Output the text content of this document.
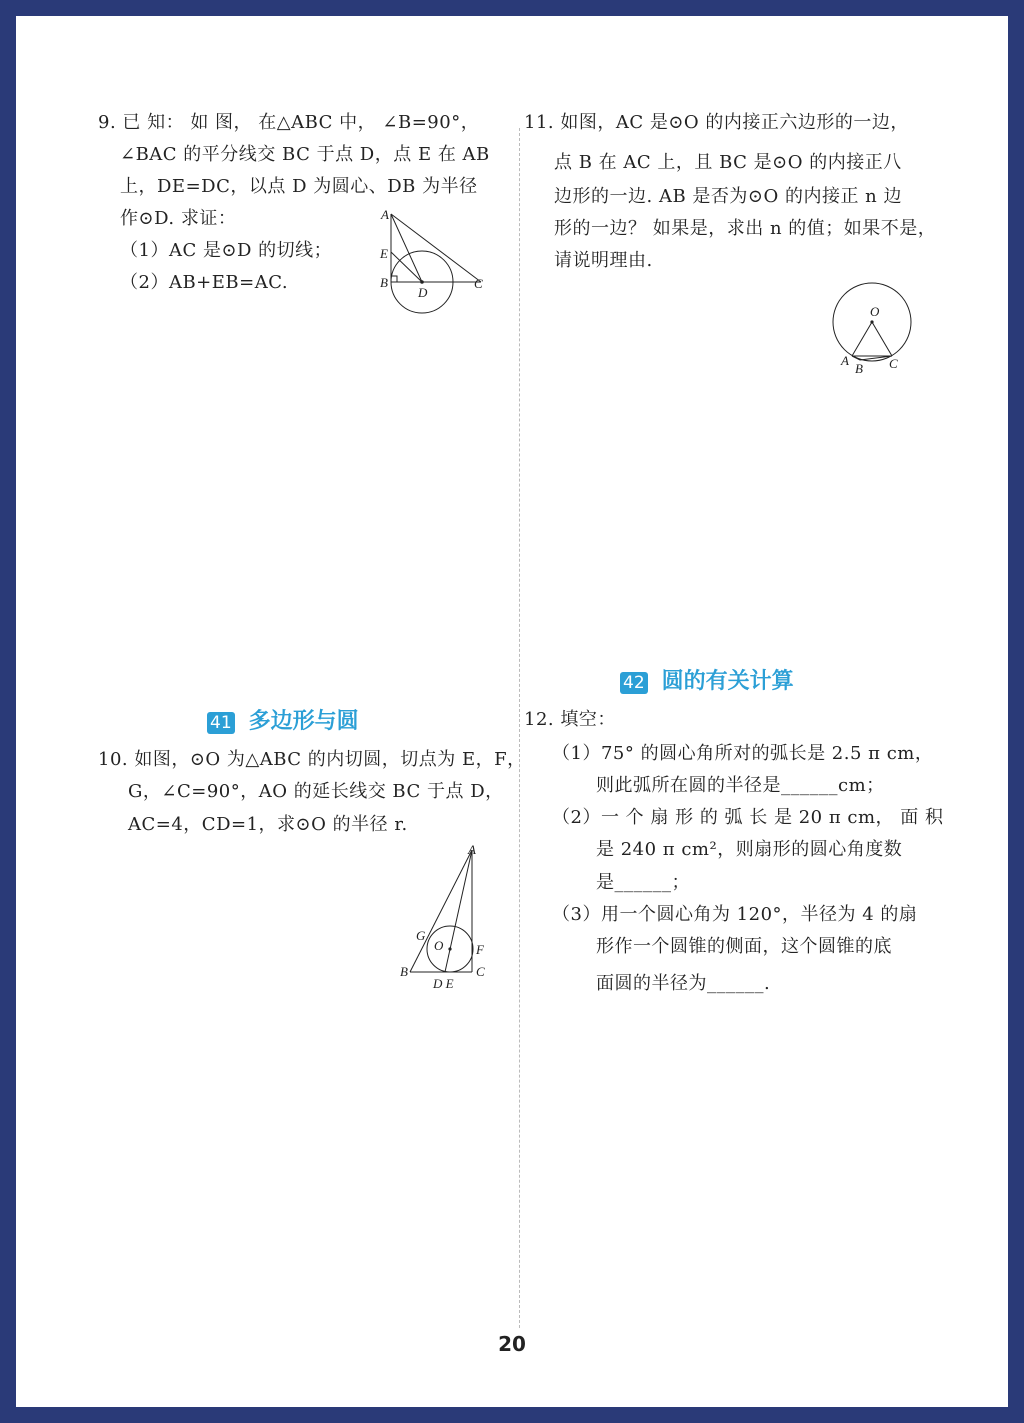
9. 已 知： 如 图， 在△ABC 中， ∠B=90°，
∠BAC 的平分线交 BC 于点 D，点 E 在 AB
上，DE=DC，以点 D 为圆心、DB 为半径
作⊙D. 求证：
（1）AC 是⊙D 的切线；
（2）AB+EB=AC.
A
E
B
D
C
11. 如图，AC 是⊙O 的内接正六边形的一边，
点 B 在 AC 上，且 BC 是⊙O 的内接正八
边形的一边. AB 是否为⊙O 的内接正 n 边
形的一边？ 如果是，求出 n 的值；如果不是，
请说明理由.
O
A
B C
42 圆的有关计算
41 多边形与圆
10. 如图，⊙O 为△ABC 的内切圆，切点为 E，F，
G，∠C=90°，AO 的延长线交 BC 于点 D，
AC=4，CD=1，求⊙O 的半径 r.
A
G
O	F
B
D E
C
12. 填空：
（1）75° 的圆心角所对的弧长是 2.5 π cm，
则此弧所在圆的半径是______cm；
（2）一 个 扇 形 的 弧 长 是 20 π cm， 面 积
是 240 π cm²，则扇形的圆心角度数
是______；
（3）用一个圆心角为 120°，半径为 4 的扇
形作一个圆锥的侧面，这个圆锥的底
面圆的半径为______.
20
